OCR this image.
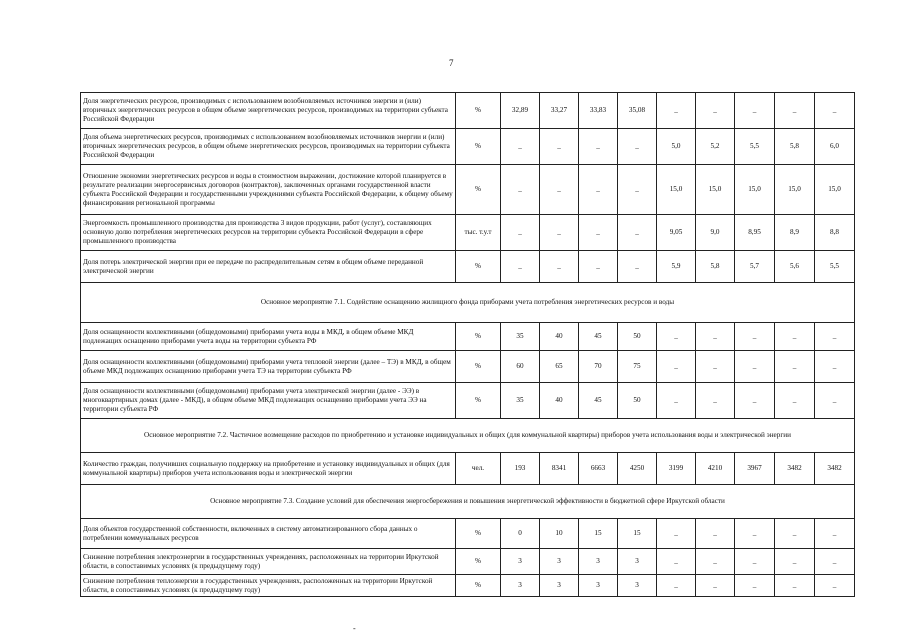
7
Доля энергетических ресурсов, производимых с использованием возобновляемых источников энергии и (или) вторичных энергетических ресурсов в общем объеме энергетических ресурсов, производимых на территории субъекта Российской Федерации	%	32,89	33,27	33,83	35,08	_	_	_	_	_
Доля объема энергетических ресурсов, производимых с использованием возобновляемых источников энергии и (или) вторичных энергетических ресурсов, в общем объеме энергетических ресурсов, производимых на территории субъекта Российской Федерации	%	_	_	_	_	5,0	5,2	5,5	5,8	6,0
Отношение экономии энергетических ресурсов и воды в стоимостном выражении, достижение которой планируется в результате реализации энергосервисных договоров (контрактов), заключенных органами государственной власти субъекта Российской Федерации и государственными учреждениями субъекта Российской Федерации, к общему объему финансирования региональной программы	%	_	_	_	_	15,0	15,0	15,0	15,0	15,0
Энергоемкость промышленного производства для производства 3 видов продукции, работ (услуг), составляющих основную долю потребления энергетических ресурсов на территории субъекта Российской Федерации в сфере промышленного производства	тыс. т.у.т	_	_	_	_	9,05	9,0	8,95	8,9	8,8
Доля потерь электрической энергии при ее передаче по распределительным сетям в общем объеме переданной электрической энергии	%	_	_	_	_	5,9	5,8	5,7	5,6	5,5
Основное мероприятие 7.1. Содействие оснащению жилищного фонда приборами учета потребления энергетических ресурсов и воды										
Доля оснащенности коллективными (общедомовыми) приборами учета воды в МКД, в общем объеме МКД подлежащих оснащению приборами учета воды на территории субъекта РФ	%	35	40	45	50	_	_	_	_	_
Доля оснащенности коллективными (общедомовыми) приборами учета тепловой энергии (далее – ТЭ) в МКД, в общем объеме МКД подлежащих оснащению приборами учета ТЭ на территории субъекта РФ	%	60	65	70	75	_	_	_	_	_
Доля оснащенности коллективными (общедомовыми) приборами учета электрической энергии (далее - ЭЭ) в многоквартирных домах (далее - МКД), в общем объеме МКД подлежащих оснащению приборами учета ЭЭ на территории субъекта РФ	%	35	40	45	50	_	_	_	_	_
Основное мероприятие 7.2. Частичное возмещение расходов по приобретению и установке индивидуальных и общих (для коммунальной квартиры) приборов учета использования воды и электрической энергии										
Количество граждан, получивших социальную поддержку на приобретение и установку индивидуальных и общих (для коммунальной квартиры) приборов учета использования воды и электрической энергии	чел.	193	8341	6663	4250	3199	4210	3967	3482	3482
Основное мероприятие 7.3. Создание условий для обеспечения энергосбережения и повышения энергетической эффективности в бюджетной сфере Иркутской области										
Доля объектов государственной собственности, включенных в систему автоматизированного сбора данных о потреблении коммунальных ресурсов	%	0	10	15	15	_	_	_	_	_
Снижение потребления электроэнергии в государственных учреждениях, расположенных на территории Иркутской области, в сопоставимых условиях (к предыдущему году)	%	3	3	3	3	_	_	_	_	_
Снижение потребления теплоэнергии в государственных учреждениях, расположенных на территории Иркутской области, в сопоставимых условиях (к предыдущему году)	%	3	3	3	3	_	_	_	_	_
-
